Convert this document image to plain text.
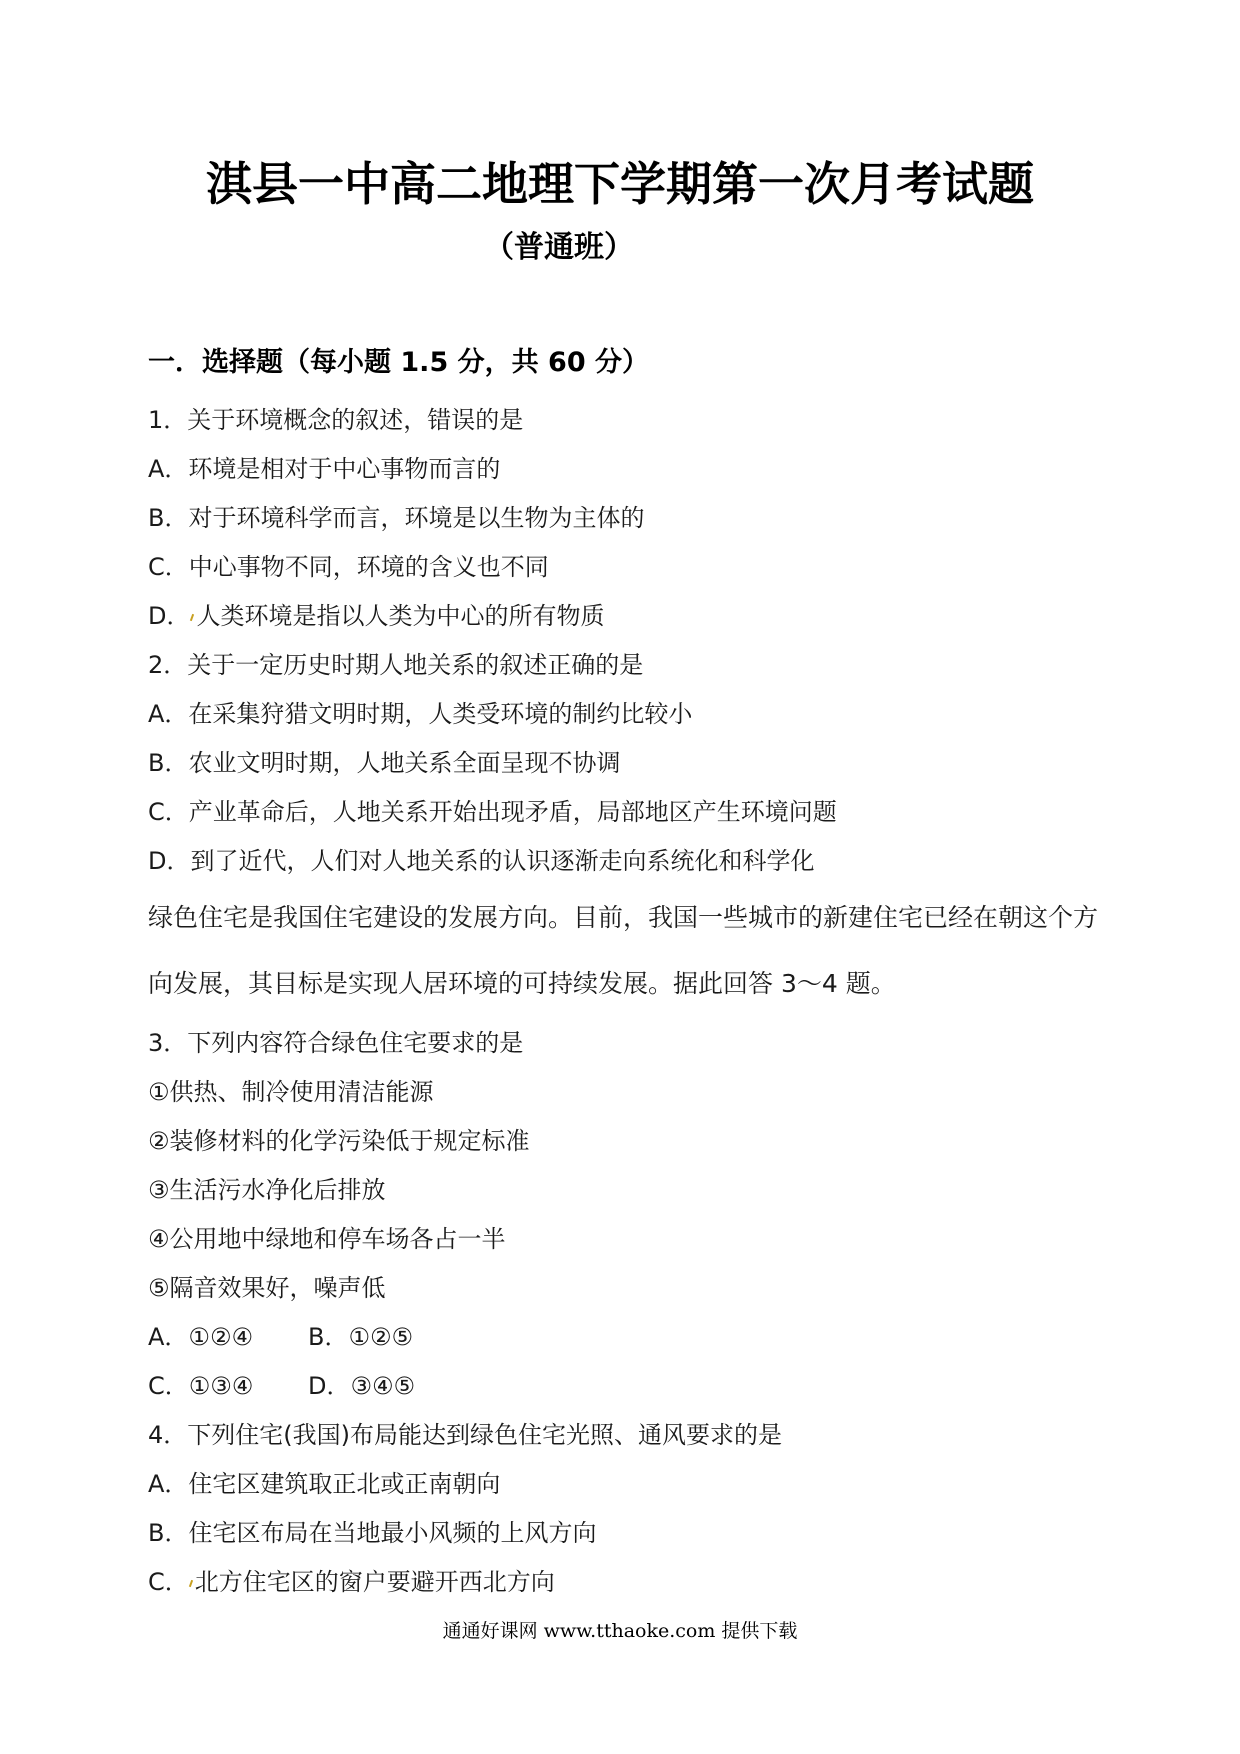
淇县一中高二地理下学期第一次月考试题
（普通班）
一．选择题（每小题 1.5 分，共 60 分）
1．关于环境概念的叙述，错误的是
A．环境是相对于中心事物而言的
B．对于环境科学而言，环境是以生物为主体的
C．中心事物不同，环境的含义也不同
D． 人类环境是指以人类为中心的所有物质
2．关于一定历史时期人地关系的叙述正确的是
A．在采集狩猎文明时期，人类受环境的制约比较小
B．农业文明时期，人地关系全面呈现不协调
C．产业革命后，人地关系开始出现矛盾，局部地区产生环境问题
D．到了近代，人们对人地关系的认识逐渐走向系统化和科学化
绿色住宅是我国住宅建设的发展方向。目前，我国一些城市的新建住宅已经在朝这个方
向发展，其目标是实现人居环境的可持续发展。据此回答 3～4 题。
3．下列内容符合绿色住宅要求的是
①供热、制冷使用清洁能源
②装修材料的化学污染低于规定标准
③生活污水净化后排放
④公用地中绿地和停车场各占一半
⑤隔音效果好，噪声低
A．①②④ B．①②⑤
C．①③④ D．③④⑤
4．下列住宅(我国)布局能达到绿色住宅光照、通风要求的是
A．住宅区建筑取正北或正南朝向
B．住宅区布局在当地最小风频的上风方向
C． 北方住宅区的窗户要避开西北方向
通通好课网 www.tthaoke.com 提供下载
